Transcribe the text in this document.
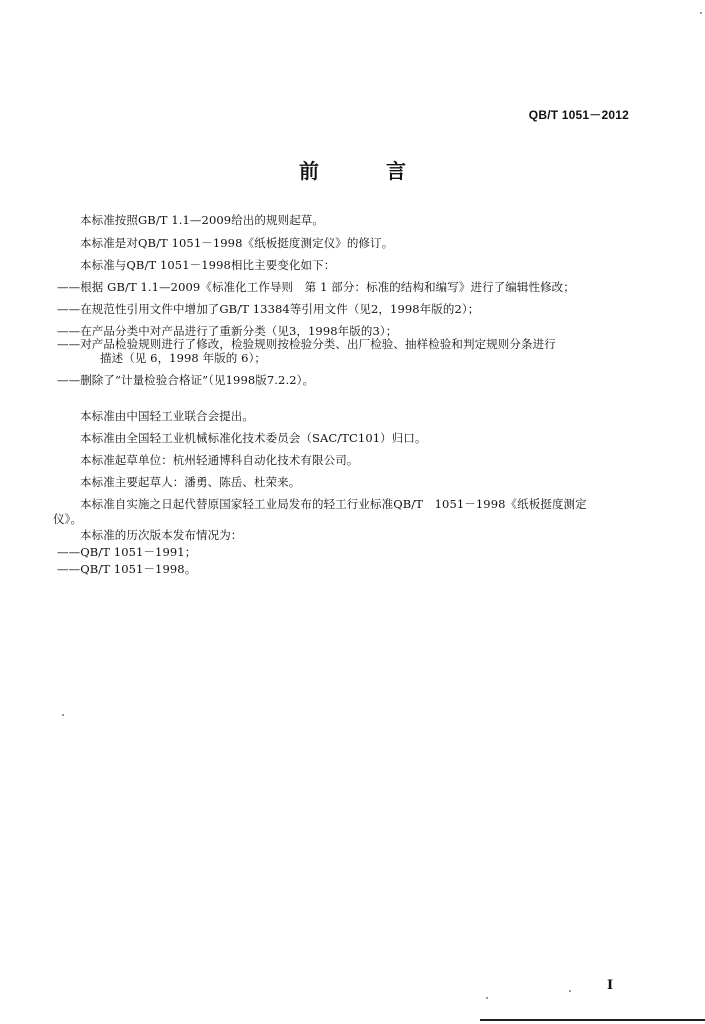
QB/T 1051－2012
前 言
本标准按照GB/T 1.1—2009给出的规则起草。
本标准是对QB/T 1051－1998《纸板挺度测定仪》的修订。
本标准与QB/T 1051－1998相比主要变化如下：
——根据 GB/T 1.1—2009《标准化工作导则　第 1 部分：标准的结构和编写》进行了编辑性修改；
——在规范性引用文件中增加了GB/T 13384等引用文件（见2，1998年版的2）；
——在产品分类中对产品进行了重新分类（见3，1998年版的3）；
——对产品检验规则进行了修改，检验规则按检验分类、出厂检验、抽样检验和判定规则分条进行
描述（见 6，1998 年版的 6）；
——删除了“计量检验合格证”（见1998版7.2.2）。
本标准由中国轻工业联合会提出。
本标准由全国轻工业机械标准化技术委员会（SAC/TC101）归口。
本标准起草单位：杭州轻通博科自动化技术有限公司。
本标准主要起草人：潘勇、陈岳、杜荣来。
本标准自实施之日起代替原国家轻工业局发布的轻工行业标准QB/T　1051－1998《纸板挺度测定
仪》。
本标准的历次版本发布情况为：
——QB/T 1051－1991；
——QB/T 1051－1998。
I
